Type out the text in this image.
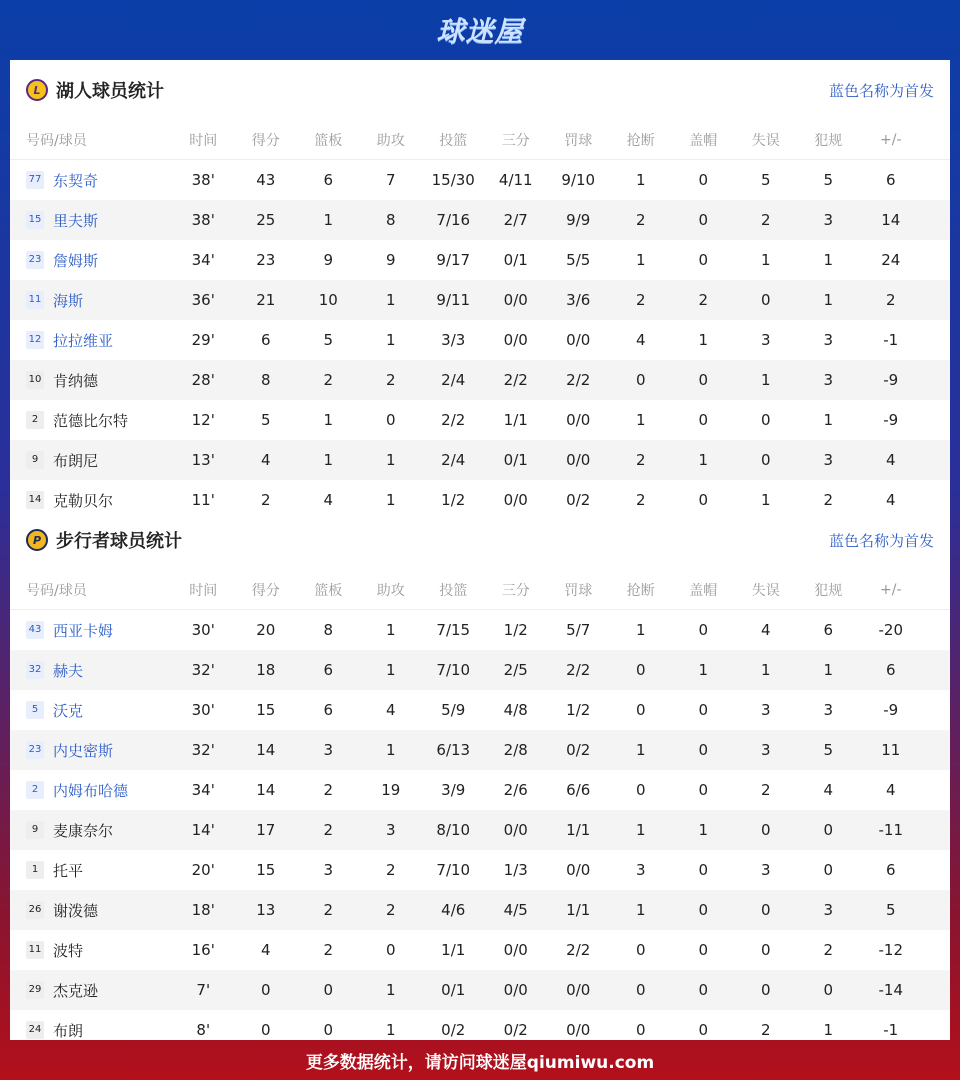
球迷屋
L 湖人球员统计	蓝色名称为首发
号码/球员	时间	得分	篮板	助攻	投篮	三分	罚球	抢断	盖帽	失误	犯规	+/-
77 东契奇	38'	43	6	7	15/30	4/11	9/10	1	0	5	5	6
15 里夫斯	38'	25	1	8	7/16	2/7	9/9	2	0	2	3	14
23 詹姆斯	34'	23	9	9	9/17	0/1	5/5	1	0	1	1	24
11 海斯	36'	21	10	1	9/11	0/0	3/6	2	2	0	1	2
12 拉拉维亚	29'	6	5	1	3/3	0/0	0/0	4	1	3	3	-1
10 肯纳德	28'	8	2	2	2/4	2/2	2/2	0	0	1	3	-9
2 范德比尔特	12'	5	1	0	2/2	1/1	0/0	1	0	0	1	-9
9 布朗尼	13'	4	1	1	2/4	0/1	0/0	2	1	0	3	4
14 克勒贝尔	11'	2	4	1	1/2	0/0	0/2	2	0	1	2	4
P 步行者球员统计	蓝色名称为首发
号码/球员	时间	得分	篮板	助攻	投篮	三分	罚球	抢断	盖帽	失误	犯规	+/-
43 西亚卡姆	30'	20	8	1	7/15	1/2	5/7	1	0	4	6	-20
32 赫夫	32'	18	6	1	7/10	2/5	2/2	0	1	1	1	6
5 沃克	30'	15	6	4	5/9	4/8	1/2	0	0	3	3	-9
23 内史密斯	32'	14	3	1	6/13	2/8	0/2	1	0	3	5	11
2 内姆布哈德	34'	14	2	19	3/9	2/6	6/6	0	0	2	4	4
9 麦康奈尔	14'	17	2	3	8/10	0/0	1/1	1	1	0	0	-11
1 托平	20'	15	3	2	7/10	1/3	0/0	3	0	3	0	6
26 谢泼德	18'	13	2	2	4/6	4/5	1/1	1	0	0	3	5
11 波特	16'	4	2	0	1/1	0/0	2/2	0	0	0	2	-12
29 杰克逊	7'	0	0	1	0/1	0/0	0/0	0	0	0	0	-14
24 布朗	8'	0	0	1	0/2	0/2	0/0	0	0	2	1	-1
更多数据统计，请访问球迷屋qiumiwu.com
